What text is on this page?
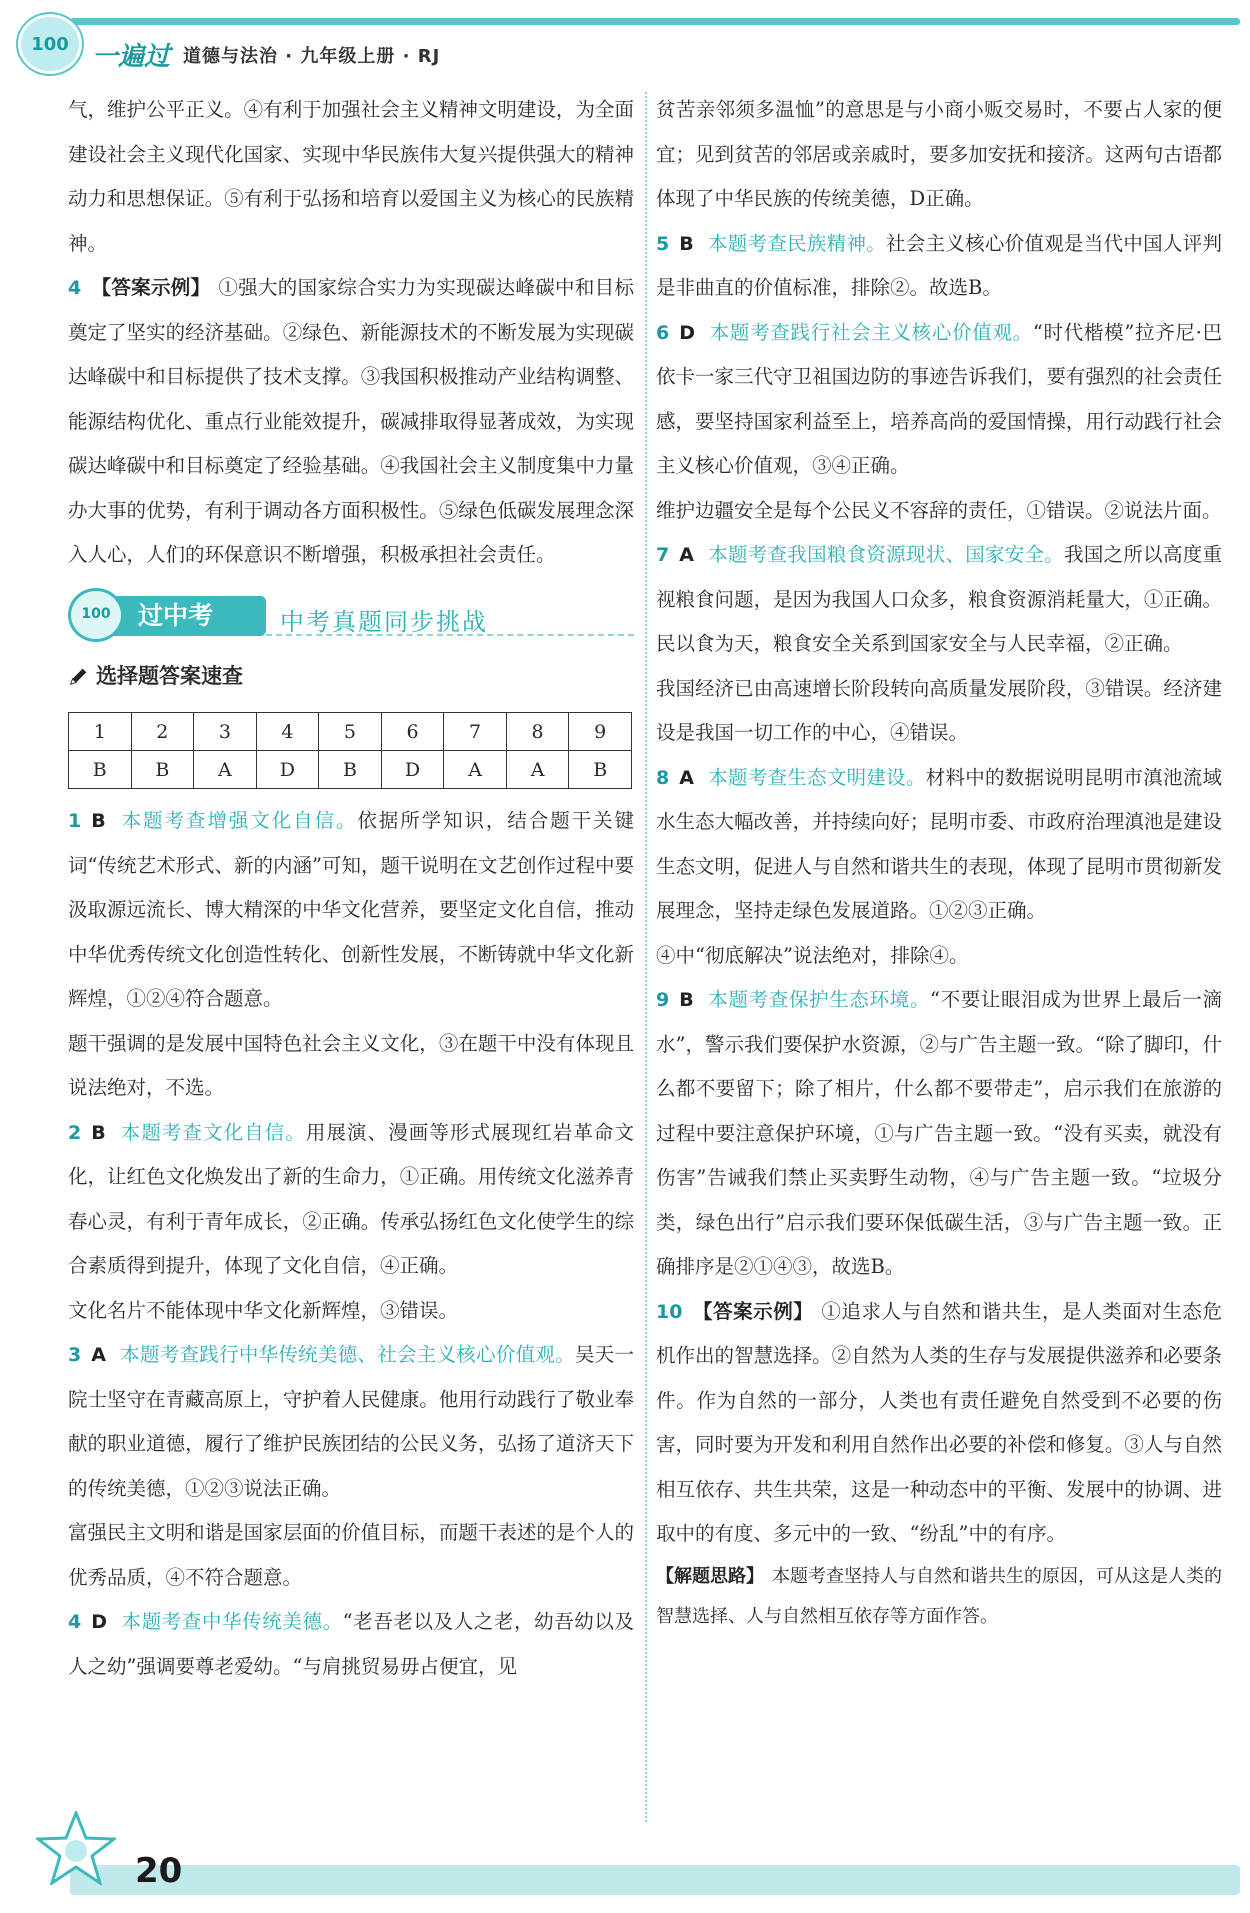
100 一遍过 道德与法治 · 九年级上册 · RJ

气，维护公平正义。④有利于加强社会主义精神文明建设，为全面建设社会主义现代化国家、实现中华民族伟大复兴提供强大的精神动力和思想保证。⑤有利于弘扬和培育以爱国主义为核心的民族精神。

4 【答案示例】 ①强大的国家综合实力为实现碳达峰碳中和目标奠定了坚实的经济基础。②绿色、新能源技术的不断发展为实现碳达峰碳中和目标提供了技术支撑。③我国积极推动产业结构调整、能源结构优化、重点行业能效提升，碳减排取得显著成效，为实现碳达峰碳中和目标奠定了经验基础。④我国社会主义制度集中力量办大事的优势，有利于调动各方面积极性。⑤绿色低碳发展理念深入人心，人们的环保意识不断增强，积极承担社会责任。

过中考
100	中考真题同步挑战
选择题答案速查
1	2	3	4	5	6	7	8	9
B	B	A	D	B	D	A	A	B

1 B 本题考查增强文化自信。依据所学知识，结合题干关键词“传统艺术形式、新的内涵”可知，题干说明在文艺创作过程中要汲取源远流长、博大精深的中华文化营养，要坚定文化自信，推动中华优秀传统文化创造性转化、创新性发展，不断铸就中华文化新辉煌，①②④符合题意。

题干强调的是发展中国特色社会主义文化，③在题干中没有体现且说法绝对，不选。

2 B 本题考查文化自信。用展演、漫画等形式展现红岩革命文化，让红色文化焕发出了新的生命力，①正确。用传统文化滋养青春心灵，有利于青年成长，②正确。传承弘扬红色文化使学生的综合素质得到提升，体现了文化自信，④正确。

文化名片不能体现中华文化新辉煌，③错误。

3 A 本题考查践行中华传统美德、社会主义核心价值观。吴天一院士坚守在青藏高原上，守护着人民健康。他用行动践行了敬业奉献的职业道德，履行了维护民族团结的公民义务，弘扬了道济天下的传统美德，①②③说法正确。

富强民主文明和谐是国家层面的价值目标，而题干表述的是个人的优秀品质，④不符合题意。

4 D 本题考查中华传统美德。“老吾老以及人之老，幼吾幼以及人之幼”强调要尊老爱幼。“与肩挑贸易毋占便宜，见

贫苦亲邻须多温恤”的意思是与小商小贩交易时，不要占人家的便宜；见到贫苦的邻居或亲戚时，要多加安抚和接济。这两句古语都体现了中华民族的传统美德，D正确。

5 B 本题考查民族精神。社会主义核心价值观是当代中国人评判是非曲直的价值标准，排除②。故选B。

6 D 本题考查践行社会主义核心价值观。“时代楷模”拉齐尼·巴依卡一家三代守卫祖国边防的事迹告诉我们，要有强烈的社会责任感，要坚持国家利益至上，培养高尚的爱国情操，用行动践行社会主义核心价值观，③④正确。

维护边疆安全是每个公民义不容辞的责任，①错误。②说法片面。

7 A 本题考查我国粮食资源现状、国家安全。我国之所以高度重视粮食问题，是因为我国人口众多，粮食资源消耗量大，①正确。民以食为天，粮食安全关系到国家安全与人民幸福，②正确。

我国经济已由高速增长阶段转向高质量发展阶段，③错误。经济建设是我国一切工作的中心，④错误。

8 A 本题考查生态文明建设。材料中的数据说明昆明市滇池流域水生态大幅改善，并持续向好；昆明市委、市政府治理滇池是建设生态文明，促进人与自然和谐共生的表现，体现了昆明市贯彻新发展理念，坚持走绿色发展道路。①②③正确。

④中“彻底解决”说法绝对，排除④。

9 B 本题考查保护生态环境。“不要让眼泪成为世界上最后一滴水”，警示我们要保护水资源，②与广告主题一致。“除了脚印，什么都不要留下；除了相片，什么都不要带走”，启示我们在旅游的过程中要注意保护环境，①与广告主题一致。“没有买卖，就没有伤害”告诫我们禁止买卖野生动物，④与广告主题一致。“垃圾分类，绿色出行”启示我们要环保低碳生活，③与广告主题一致。正确排序是②①④③，故选B。

10 【答案示例】 ①追求人与自然和谐共生，是人类面对生态危机作出的智慧选择。②自然为人类的生存与发展提供滋养和必要条件。作为自然的一部分，人类也有责任避免自然受到不必要的伤害，同时要为开发和利用自然作出必要的补偿和修复。③人与自然相互依存、共生共荣，这是一种动态中的平衡、发展中的协调、进取中的有度、多元中的一致、“纷乱”中的有序。

【解题思路】 本题考查坚持人与自然和谐共生的原因，可从这是人类的智慧选择、人与自然相互依存等方面作答。

20
